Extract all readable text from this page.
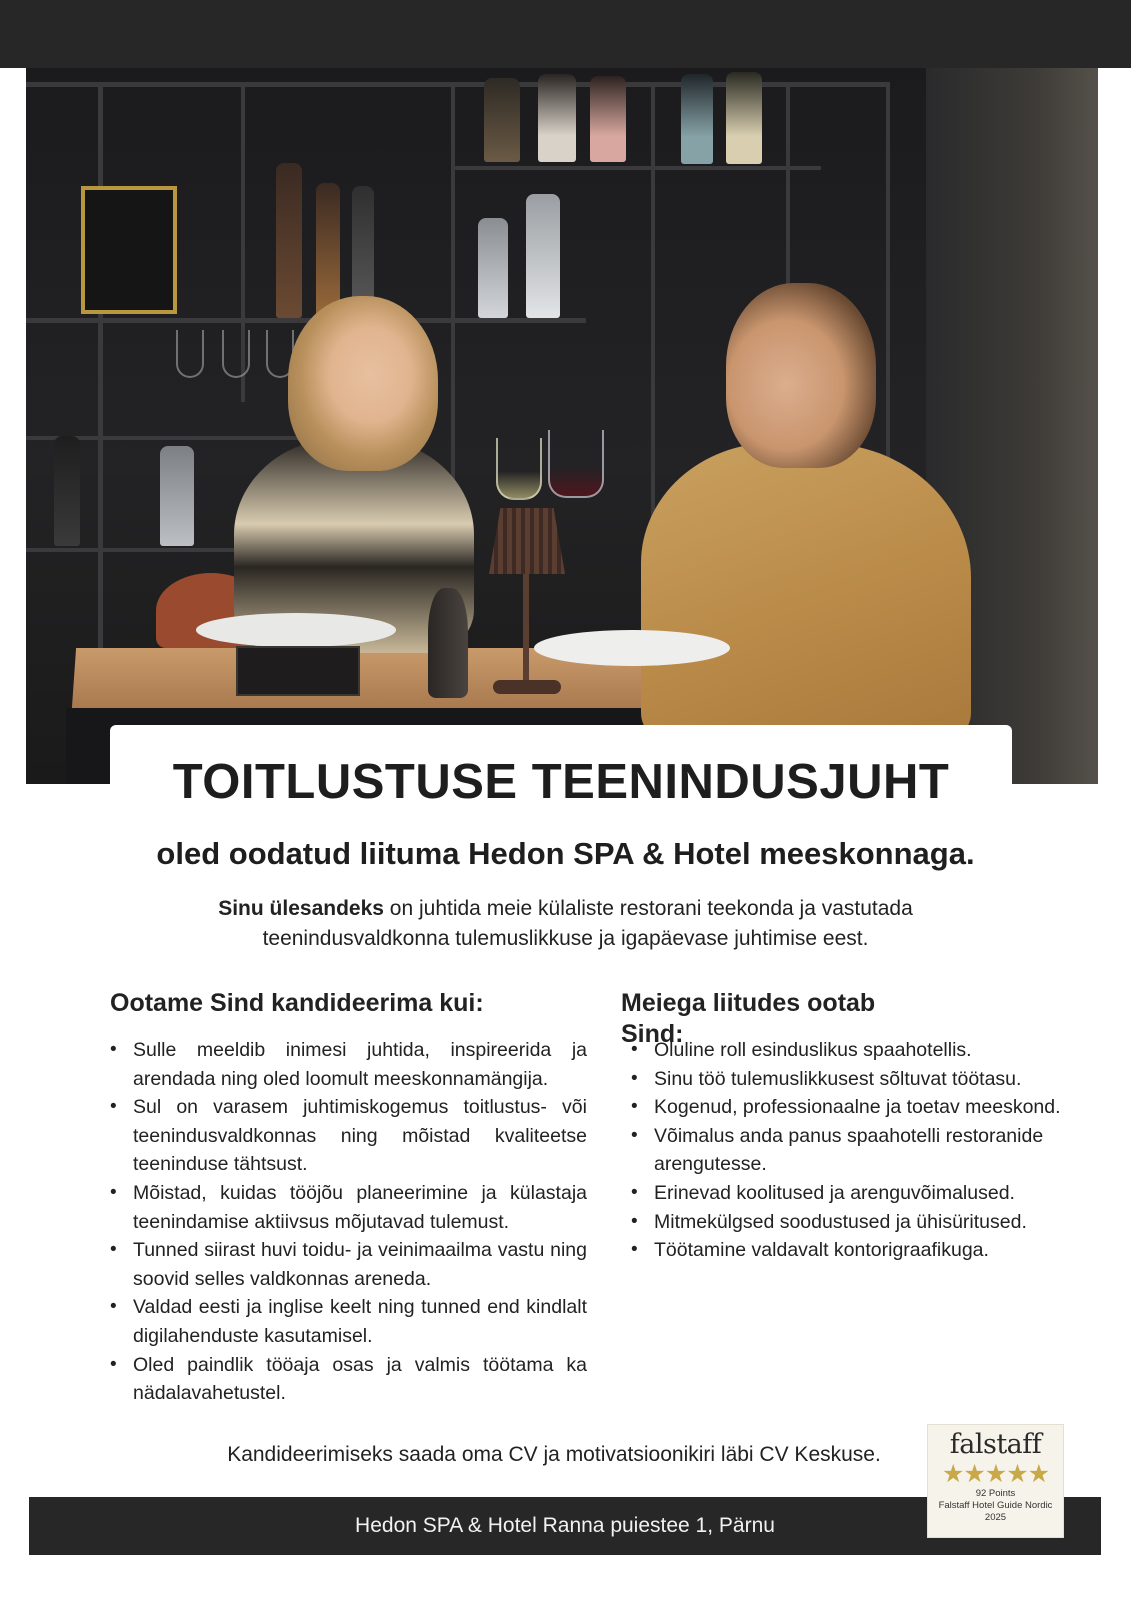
TOITLUSTUSE TEENINDUSJUHT
oled oodatud liituma Hedon SPA & Hotel meeskonnaga.

Sinu ülesandeks on juhtida meie külaliste restorani teekonda ja vastutada teenindusvaldkonna tulemuslikkuse ja igapäevase juhtimise eest.

Ootame Sind kandideerima kui:
• Sulle meeldib inimesi juhtida, inspireerida ja arendada ning oled loomult meeskonnamängija.
• Sul on varasem juhtimiskogemus toitlustus- või teenindusvaldkonnas ning mõistad kvaliteetse teeninduse tähtsust.
• Mõistad, kuidas tööjõu planeerimine ja külastaja teenindamise aktiivsus mõjutavad tulemust.
• Tunned siirast huvi toidu- ja veinimaailma vastu ning soovid selles valdkonnas areneda.
• Valdad eesti ja inglise keelt ning tunned end kindlalt digilahenduste kasutamisel.
• Oled paindlik tööaja osas ja valmis töötama ka nädalavahetustel.
Meiega liitudes ootab Sind:
• Oluline roll esinduslikus spaahotellis.
• Sinu töö tulemuslikkusest sõltuvat töötasu.
• Kogenud, professionaalne ja toetav meeskond.
• Võimalus anda panus spaahotelli restoranide arengutesse.
• Erinevad koolitused ja arenguvõimalused.
• Mitmekülgsed soodustused ja ühisüritused.
• Töötamine valdavalt kontorigraafikuga.

Kandideerimiseks saada oma CV ja motivatsioonikiri läbi CV Keskuse.

Hedon SPA & Hotel Ranna puiestee 1, Pärnu

falstaff
★★★★★
92 Points
Falstaff Hotel Guide Nordic
2025
